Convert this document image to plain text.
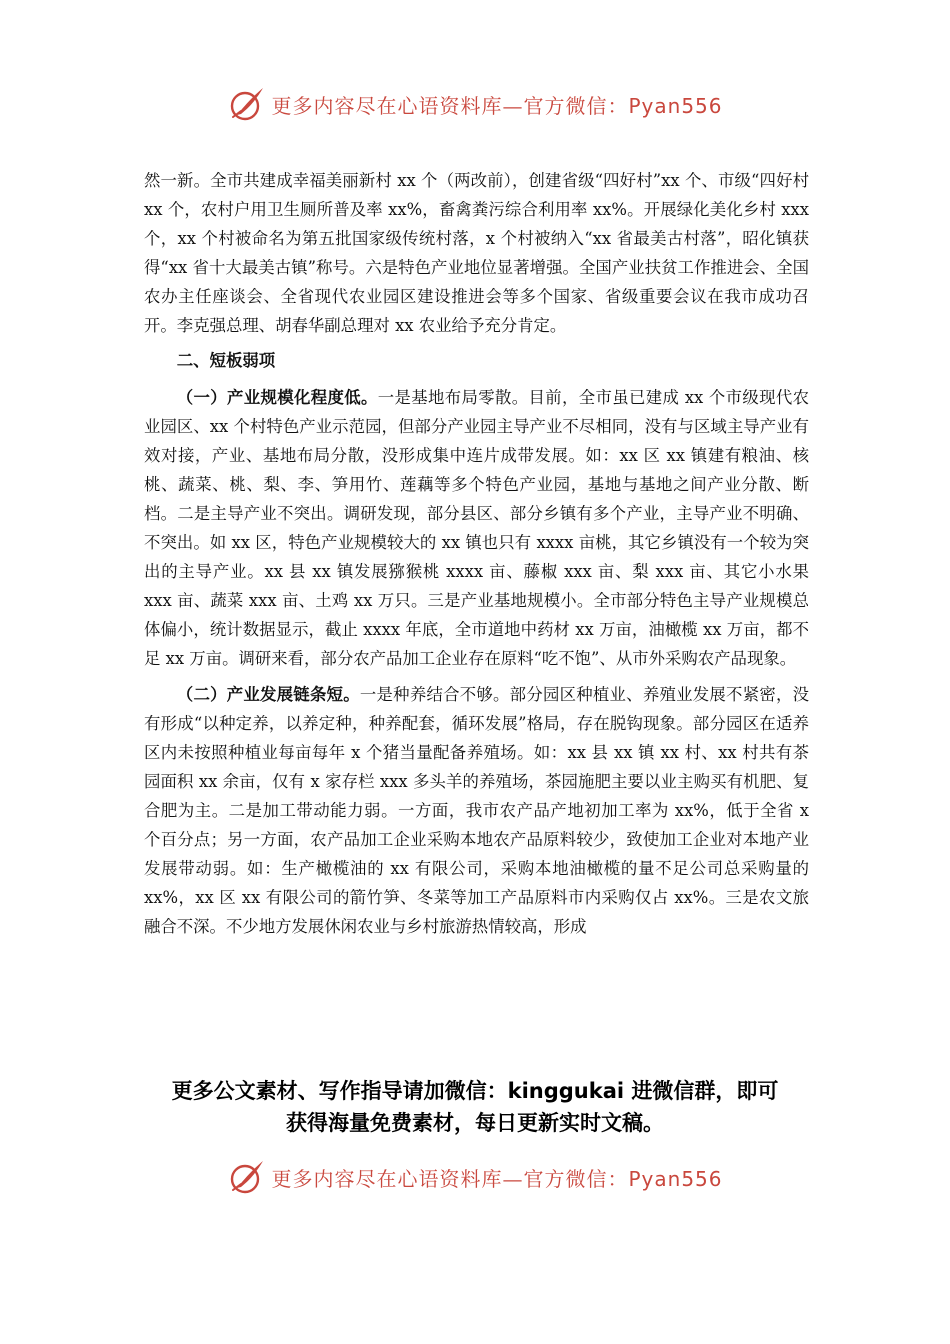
更多内容尽在心语资料库—官方微信：Pyan556

然一新。全市共建成幸福美丽新村 xx 个（两改前），创建省级“四好村”xx 个、市级“四好村 xx 个，农村户用卫生厕所普及率 xx%，畜禽粪污综合利用率 xx%。开展绿化美化乡村 xxx 个，xx 个村被命名为第五批国家级传统村落，x 个村被纳入“xx 省最美古村落”，昭化镇获得“xx 省十大最美古镇”称号。六是特色产业地位显著增强。全国产业扶贫工作推进会、全国农办主任座谈会、全省现代农业园区建设推进会等多个国家、省级重要会议在我市成功召开。李克强总理、胡春华副总理对 xx 农业给予充分肯定。

二、短板弱项

（一）产业规模化程度低。一是基地布局零散。目前，全市虽已建成 xx 个市级现代农业园区、xx 个村特色产业示范园，但部分产业园主导产业不尽相同，没有与区域主导产业有效对接，产业、基地布局分散，没形成集中连片成带发展。如：xx 区 xx 镇建有粮油、核桃、蔬菜、桃、梨、李、笋用竹、莲藕等多个特色产业园，基地与基地之间产业分散、断档。二是主导产业不突出。调研发现，部分县区、部分乡镇有多个产业，主导产业不明确、不突出。如 xx 区，特色产业规模较大的 xx 镇也只有 xxxx 亩桃，其它乡镇没有一个较为突出的主导产业。xx 县 xx 镇发展猕猴桃 xxxx 亩、藤椒 xxx 亩、梨 xxx 亩、其它小水果 xxx 亩、蔬菜 xxx 亩、土鸡 xx 万只。三是产业基地规模小。全市部分特色主导产业规模总体偏小，统计数据显示，截止 xxxx 年底，全市道地中药材 xx 万亩，油橄榄 xx 万亩，都不足 xx 万亩。调研来看，部分农产品加工企业存在原料“吃不饱”、从市外采购农产品现象。

（二）产业发展链条短。一是种养结合不够。部分园区种植业、养殖业发展不紧密，没有形成“以种定养，以养定种，种养配套，循环发展”格局，存在脱钩现象。部分园区在适养区内未按照种植业每亩每年 x 个猪当量配备养殖场。如：xx 县 xx 镇 xx 村、xx 村共有茶园面积 xx 余亩，仅有 x 家存栏 xxx 多头羊的养殖场，茶园施肥主要以业主购买有机肥、复合肥为主。二是加工带动能力弱。一方面，我市农产品产地初加工率为 xx%，低于全省 x 个百分点；另一方面，农产品加工企业采购本地农产品原料较少，致使加工企业对本地产业发展带动弱。如：生产橄榄油的 xx 有限公司，采购本地油橄榄的量不足公司总采购量的 xx%，xx 区 xx 有限公司的箭竹笋、冬菜等加工产品原料市内采购仅占 xx%。三是农文旅融合不深。不少地方发展休闲农业与乡村旅游热情较高，形成

更多公文素材、写作指导请加微信：kinggukai 进微信群，即可
获得海量免费素材，每日更新实时文稿。
更多内容尽在心语资料库—官方微信：Pyan556
